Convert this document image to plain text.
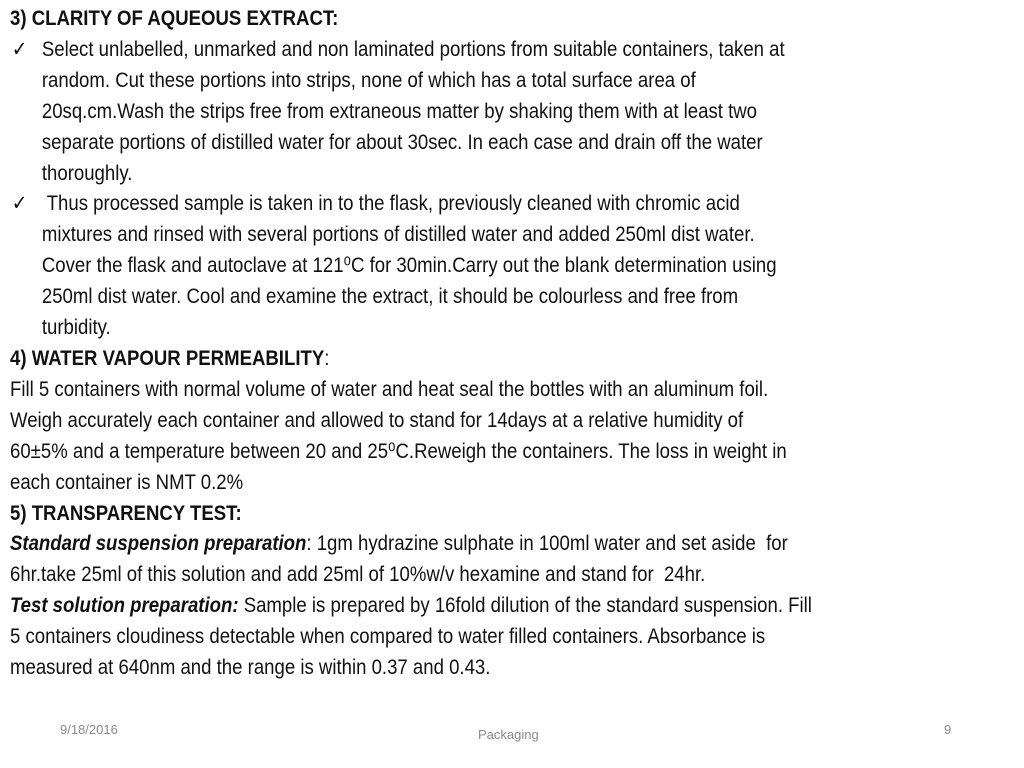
3) CLARITY OF AQUEOUS EXTRACT:
✓ Select unlabelled, unmarked and non laminated portions from suitable containers, taken at
random. Cut these portions into strips, none of which has a total surface area of
20sq.cm.Wash the strips free from extraneous matter by shaking them with at least two
separate portions of distilled water for about 30sec. In each case and drain off the water
thoroughly.
✓ Thus processed sample is taken in to the flask, previously cleaned with chromic acid
mixtures and rinsed with several portions of distilled water and added 250ml dist water.
Cover the flask and autoclave at 121⁰C for 30min.Carry out the blank determination using
250ml dist water. Cool and examine the extract, it should be colourless and free from
turbidity.
4) WATER VAPOUR PERMEABILITY:
Fill 5 containers with normal volume of water and heat seal the bottles with an aluminum foil.
Weigh accurately each container and allowed to stand for 14days at a relative humidity of
60±5% and a temperature between 20 and 25⁰C.Reweigh the containers. The loss in weight in
each container is NMT 0.2%
5) TRANSPARENCY TEST:
Standard suspension preparation: 1gm hydrazine sulphate in 100ml water and set aside  for
6hr.take 25ml of this solution and add 25ml of 10%w/v hexamine and stand for  24hr.
Test solution preparation: Sample is prepared by 16fold dilution of the standard suspension. Fill
5 containers cloudiness detectable when compared to water filled containers. Absorbance is
measured at 640nm and the range is within 0.37 and 0.43.
9/18/2016	Packaging	9
